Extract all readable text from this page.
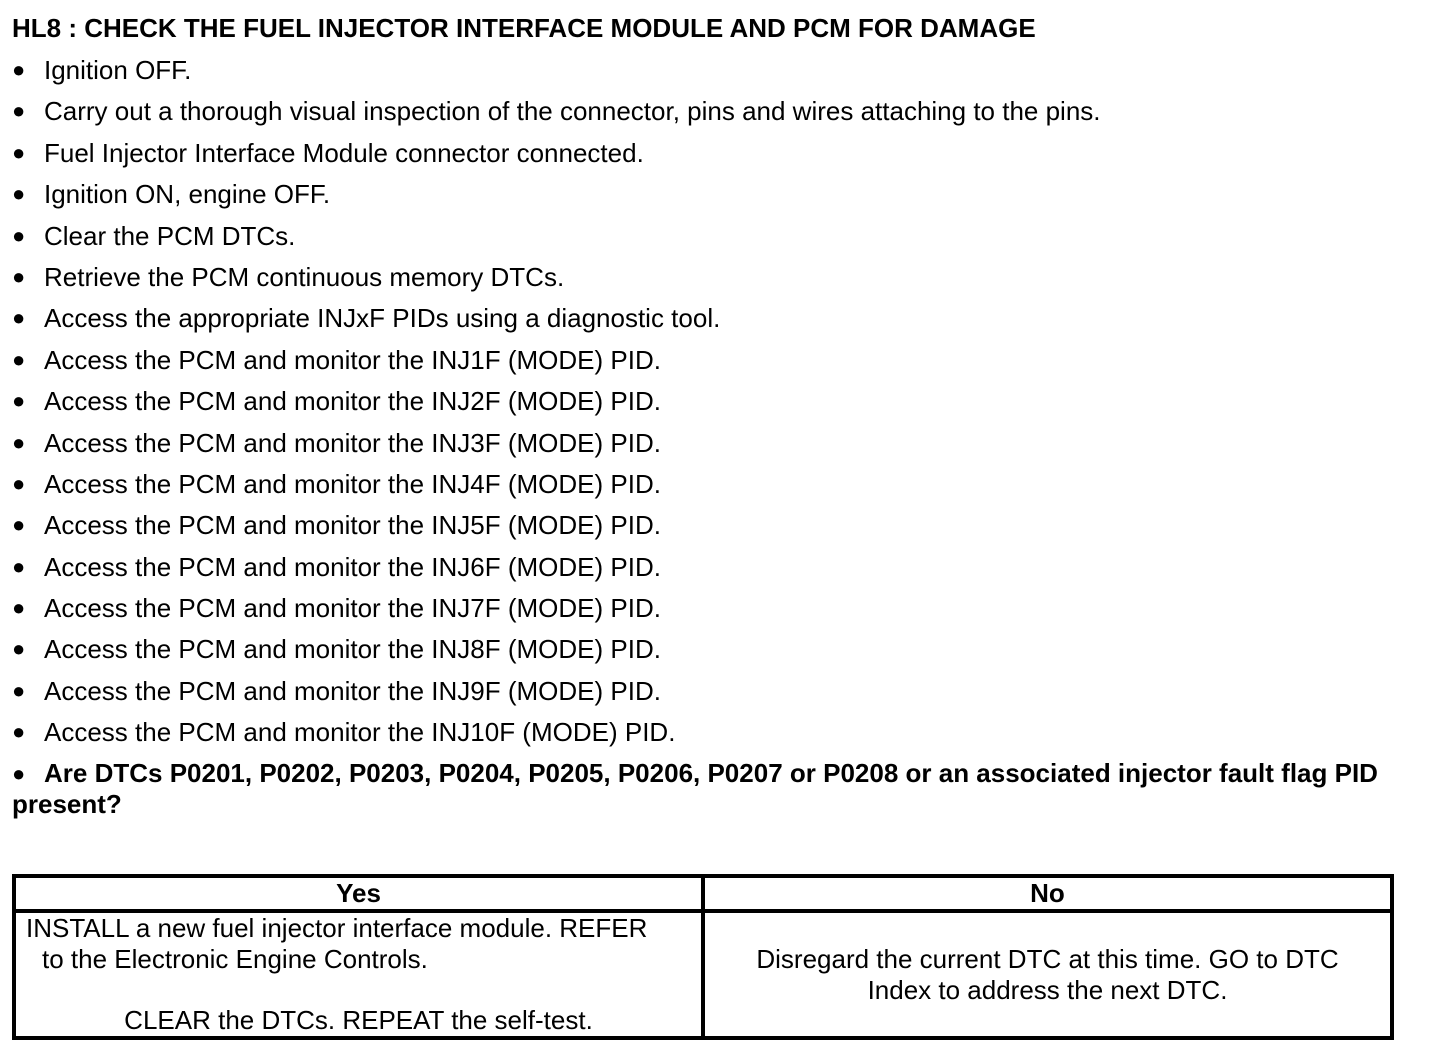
HL8 : CHECK THE FUEL INJECTOR INTERFACE MODULE AND PCM FOR DAMAGE
● Ignition OFF.
● Carry out a thorough visual inspection of the connector, pins and wires attaching to the pins.
● Fuel Injector Interface Module connector connected.
● Ignition ON, engine OFF.
● Clear the PCM DTCs.
● Retrieve the PCM continuous memory DTCs.
● Access the appropriate INJxF PIDs using a diagnostic tool.
● Access the PCM and monitor the INJ1F (MODE) PID.
● Access the PCM and monitor the INJ2F (MODE) PID.
● Access the PCM and monitor the INJ3F (MODE) PID.
● Access the PCM and monitor the INJ4F (MODE) PID.
● Access the PCM and monitor the INJ5F (MODE) PID.
● Access the PCM and monitor the INJ6F (MODE) PID.
● Access the PCM and monitor the INJ7F (MODE) PID.
● Access the PCM and monitor the INJ8F (MODE) PID.
● Access the PCM and monitor the INJ9F (MODE) PID.
● Access the PCM and monitor the INJ10F (MODE) PID.
● Are DTCs P0201, P0202, P0203, P0204, P0205, P0206, P0207 or P0208 or an associated injector fault flag PID present?
Yes	No

INSTALL a new fuel injector interface module. REFER
to the Electronic Engine Controls.
CLEAR the DTCs. REPEAT the self-test.	Disregard the current DTC at this time. GO to DTC Index to address the next DTC.
